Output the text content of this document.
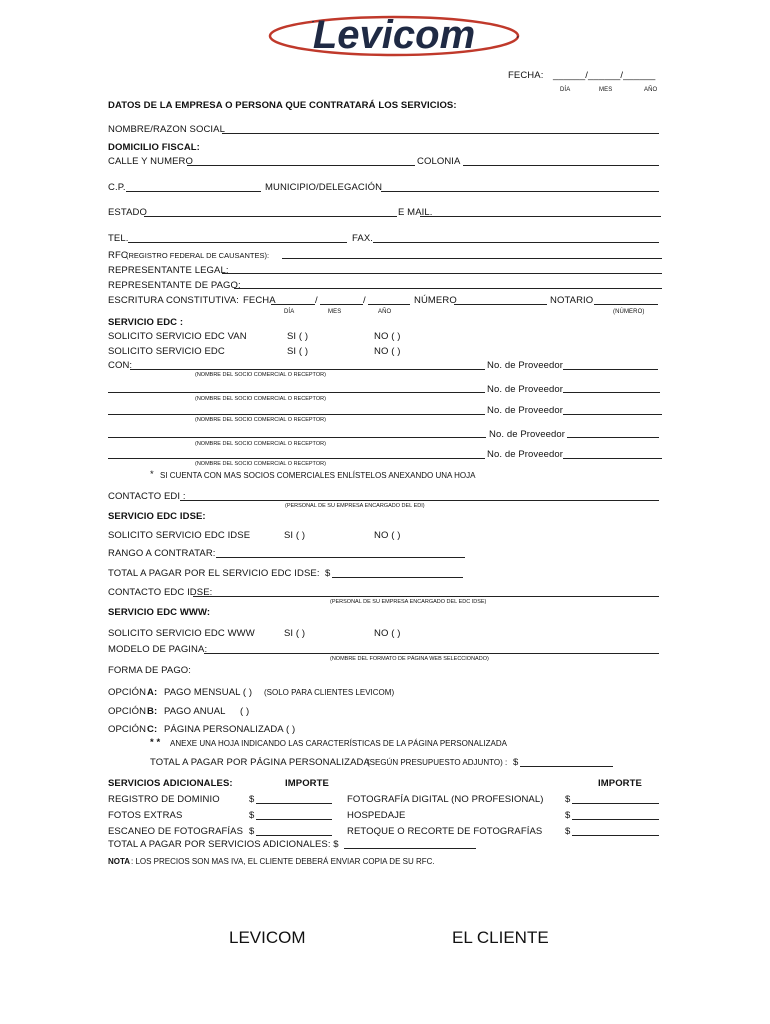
Levicom
FECHA: ______/______/______
DÍA	MES	AÑO
DATOS DE LA EMPRESA O PERSONA QUE CONTRATARÁ LOS SERVICIOS:
NOMBRE/RAZON SOCIAL
DOMICILIO FISCAL:
CALLE Y NUMERO	COLONIA
C.P.	MUNICIPIO/DELEGACIÓN
ESTADO	E MAIL.
TEL.	FAX.
RFC
(REGISTRO FEDERAL DE CAUSANTES):
REPRESENTANTE LEGAL:
REPRESENTANTE DE PAGO:
ESCRITURA CONSTITUTIVA: FECHA	/	/	NÚMERO	NOTARIO
DÍA	MES	AÑO	(NÚMERO)
SERVICIO EDC :
SOLICITO SERVICIO EDC VAN	SI ( )	NO ( )
SOLICITO SERVICIO EDC	SI ( )	NO ( )
CON:	No. de Proveedor
(NOMBRE DEL SOCIO COMERCIAL O RECEPTOR)
No. de Proveedor
(NOMBRE DEL SOCIO COMERCIAL O RECEPTOR)
No. de Proveedor
(NOMBRE DEL SOCIO COMERCIAL O RECEPTOR)
No. de Proveedor
(NOMBRE DEL SOCIO COMERCIAL O RECEPTOR)
No. de Proveedor
(NOMBRE DEL SOCIO COMERCIAL O RECEPTOR)
* SI CUENTA CON MAS SOCIOS COMERCIALES ENLÍSTELOS ANEXANDO UNA HOJA
CONTACTO EDI :
(PERSONAL DE SU EMPRESA ENCARGADO DEL EDI)
SERVICIO EDC IDSE:
SOLICITO SERVICIO EDC IDSE	SI ( )	NO ( )
RANGO A CONTRATAR:
TOTAL A PAGAR POR EL SERVICIO EDC IDSE: $
CONTACTO EDC IDSE:
(PERSONAL DE SU EMPRESA ENCARGADO DEL EDC IDSE)
SERVICIO EDC WWW:
SOLICITO SERVICIO EDC WWW	SI ( )	NO ( )
MODELO DE PAGINA:
(NOMBRE DEL FORMATO DE PÁGINA WEB SELECCIONADO)
FORMA DE PAGO:
OPCIÓN A: PAGO MENSUAL ( ) (SOLO PARA CLIENTES LEVICOM)
OPCIÓN B: PAGO ANUAL ( )
OPCIÓN C: PÁGINA PERSONALIZADA ( )
* * ANEXE UNA HOJA INDICANDO LAS CARACTERÍSTICAS DE LA PÁGINA PERSONALIZADA
TOTAL A PAGAR POR PÁGINA PERSONALIZADA
(SEGÚN PRESUPUESTO ADJUNTO) : $
SERVICIOS ADICIONALES:	IMPORTE	IMPORTE
REGISTRO DE DOMINIO	$	FOTOGRAFÍA DIGITAL (NO PROFESIONAL) $
FOTOS EXTRAS	$	HOSPEDAJE	$
ESCANEO DE FOTOGRAFÍAS $	RETOQUE O RECORTE DE FOTOGRAFÍAS $
TOTAL A PAGAR POR SERVICIOS ADICIONALES: $
NOTA : LOS PRECIOS SON MAS IVA, EL CLIENTE DEBERÁ ENVIAR COPIA DE SU RFC.
LEVICOM	EL CLIENTE
